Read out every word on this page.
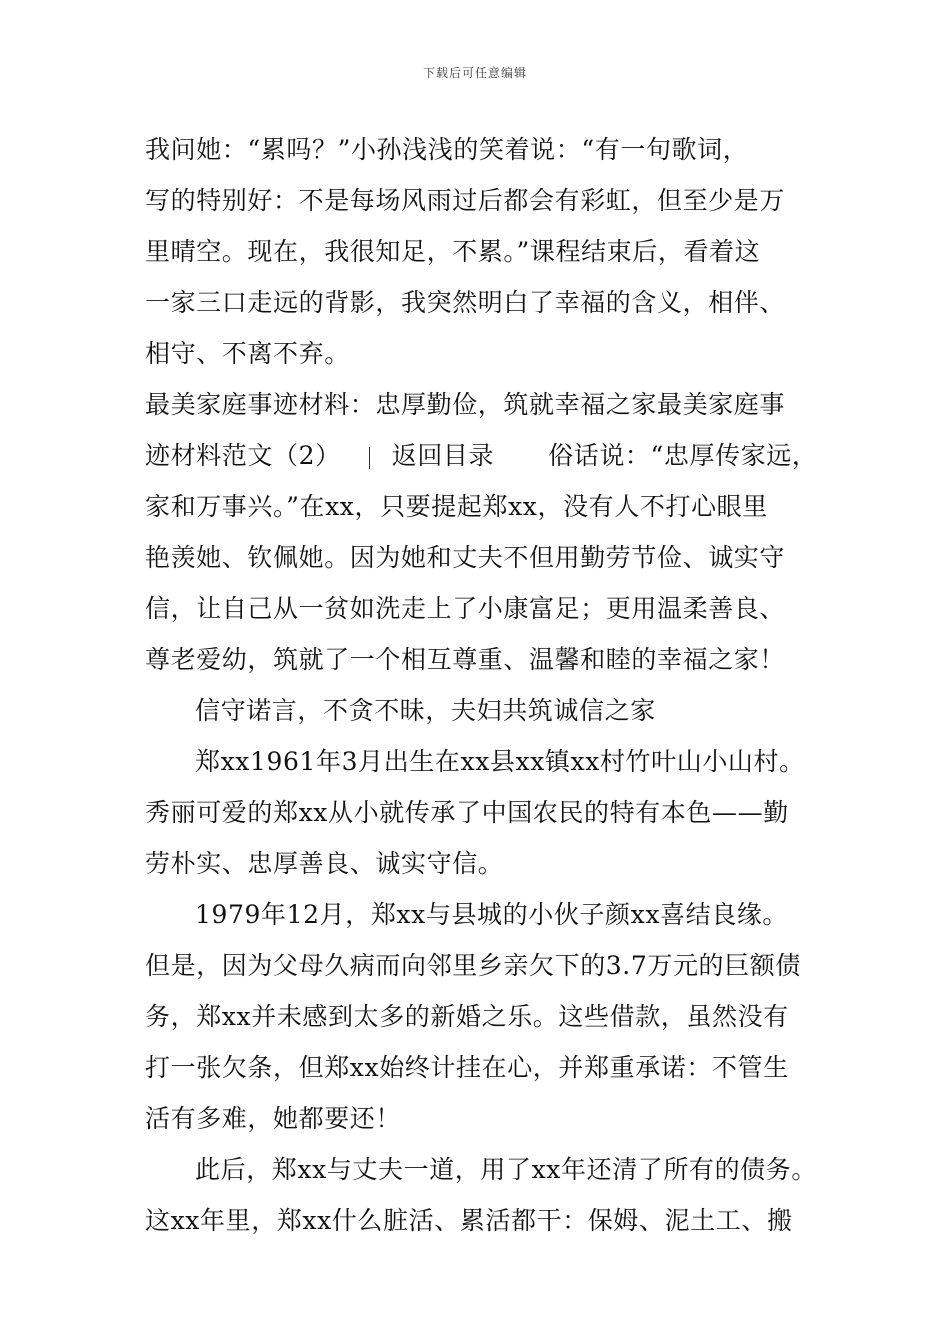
下载后可任意编辑
我问她：“累吗？”小孙浅浅的笑着说：“有一句歌词，
写的特别好：不是每场风雨过后都会有彩虹，但至少是万
里晴空。现在，我很知足，不累。”课程结束后，看着这
一家三口走远的背影，我突然明白了幸福的含义，相伴、
相守、不离不弃。
最美家庭事迹材料：忠厚勤俭，筑就幸福之家最美家庭事
迹材料范文（2） 返回目录 俗话说：“忠厚传家远，
家和万事兴。”在xx，只要提起郑xx，没有人不打心眼里
艳羡她、钦佩她。因为她和丈夫不但用勤劳节俭、诚实守
信，让自己从一贫如洗走上了小康富足；更用温柔善良、
尊老爱幼，筑就了一个相互尊重、温馨和睦的幸福之家！
信守诺言，不贪不昧，夫妇共筑诚信之家
郑xx1961年3月出生在xx县xx镇xx村竹叶山小山村。
秀丽可爱的郑xx从小就传承了中国农民的特有本色——勤
劳朴实、忠厚善良、诚实守信。
1979年12月，郑xx与县城的小伙子颜xx喜结良缘。
但是，因为父母久病而向邻里乡亲欠下的3.7万元的巨额债
务，郑xx并未感到太多的新婚之乐。这些借款，虽然没有
打一张欠条，但郑xx始终计挂在心，并郑重承诺：不管生
活有多难，她都要还！
此后，郑xx与丈夫一道，用了xx年还清了所有的债务。
这xx年里，郑xx什么脏活、累活都干：保姆、泥土工、搬
